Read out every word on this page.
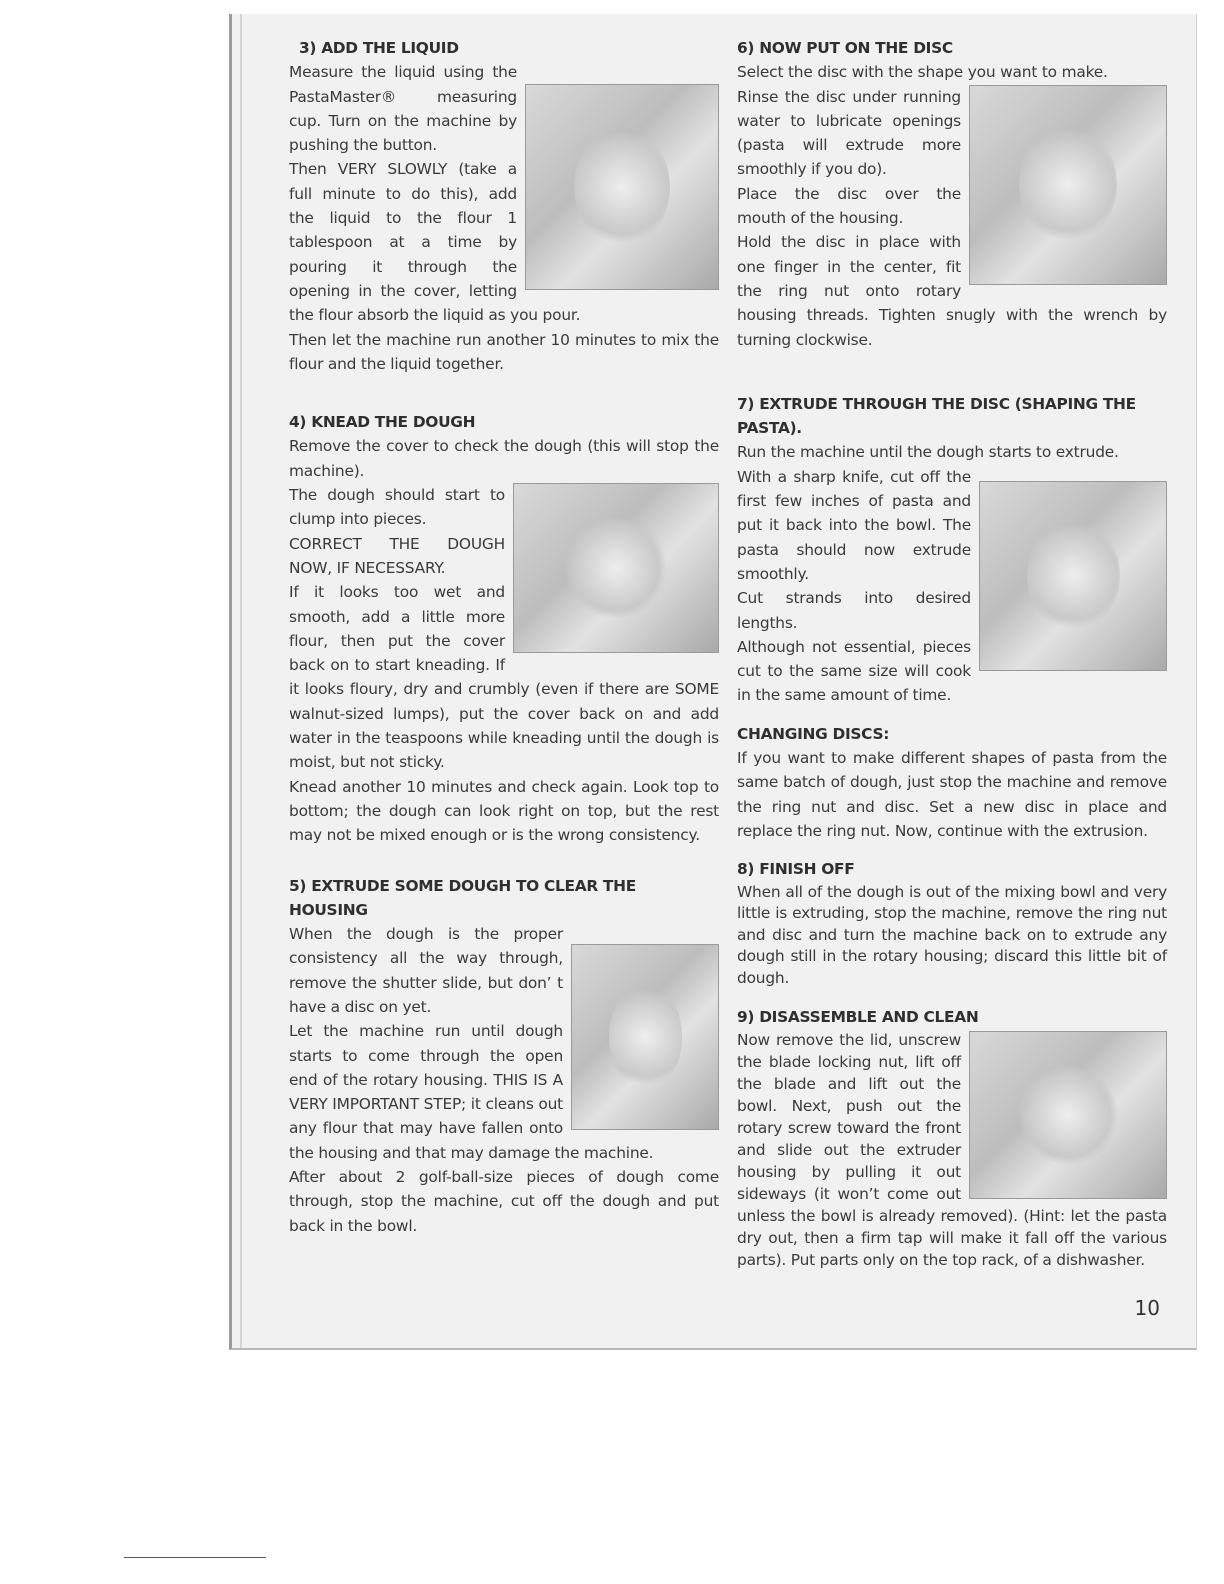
3) ADD THE LIQUID

Measure the liquid using the PastaMaster® measuring cup. Turn on the machine by pushing the button.

Then VERY SLOWLY (take a full minute to do this), add the liquid to the flour 1 tablespoon at a time by pouring it through the opening in the cover, letting the flour absorb the liquid as you pour.

Then let the machine run another 10 minutes to mix the flour and the liquid together.

4) KNEAD THE DOUGH

Remove the cover to check the dough (this will stop the machine).

The dough should start to clump into pieces.

CORRECT THE DOUGH NOW, IF NECESSARY.

If it looks too wet and smooth, add a little more flour, then put the cover back on to start kneading. If it looks floury, dry and crumbly (even if there are SOME walnut-sized lumps), put the cover back on and add water in the teaspoons while kneading until the dough is moist, but not sticky.

Knead another 10 minutes and check again. Look top to bottom; the dough can look right on top, but the rest may not be mixed enough or is the wrong consistency.

5) EXTRUDE SOME DOUGH TO CLEAR THE HOUSING

When the dough is the proper consistency all the way through, remove the shutter slide, but don’ t have a disc on yet.

Let the machine run until dough starts to come through the open end of the rotary housing. THIS IS A VERY IMPORTANT STEP; it cleans out any flour that may have fallen onto the housing and that may damage the machine.

After about 2 golf-ball-size pieces of dough come through, stop the machine, cut off the dough and put back in the bowl.

6) NOW PUT ON THE DISC

Select the disc with the shape you want to make.

Rinse the disc under running water to lubricate openings (pasta will extrude more smoothly if you do).

Place the disc over the mouth of the housing.

Hold the disc in place with one finger in the center, fit the ring nut onto rotary housing threads. Tighten snugly with the wrench by turning clockwise.

7) EXTRUDE THROUGH THE DISC (SHAPING THE PASTA).

Run the machine until the dough starts to extrude.

With a sharp knife, cut off the first few inches of pasta and put it back into the bowl. The pasta should now extrude smoothly.

Cut strands into desired lengths.

Although not essential, pieces cut to the same size will cook in the same amount of time.

CHANGING DISCS:

If you want to make different shapes of pasta from the same batch of dough, just stop the machine and remove the ring nut and disc. Set a new disc in place and replace the ring nut. Now, continue with the extrusion.

8) FINISH OFF

When all of the dough is out of the mixing bowl and very little is extruding, stop the machine, remove the ring nut and disc and turn the machine back on to extrude any dough still in the rotary housing; discard this little bit of dough.

9) DISASSEMBLE AND CLEAN

Now remove the lid, unscrew the blade locking nut, lift off the blade and lift out the bowl. Next, push out the rotary screw toward the front and slide out the extruder housing by pulling it out sideways (it won’t come out unless the bowl is already removed). (Hint: let the pasta dry out, then a firm tap will make it fall off the various parts). Put parts only on the top rack, of a dishwasher.

10
